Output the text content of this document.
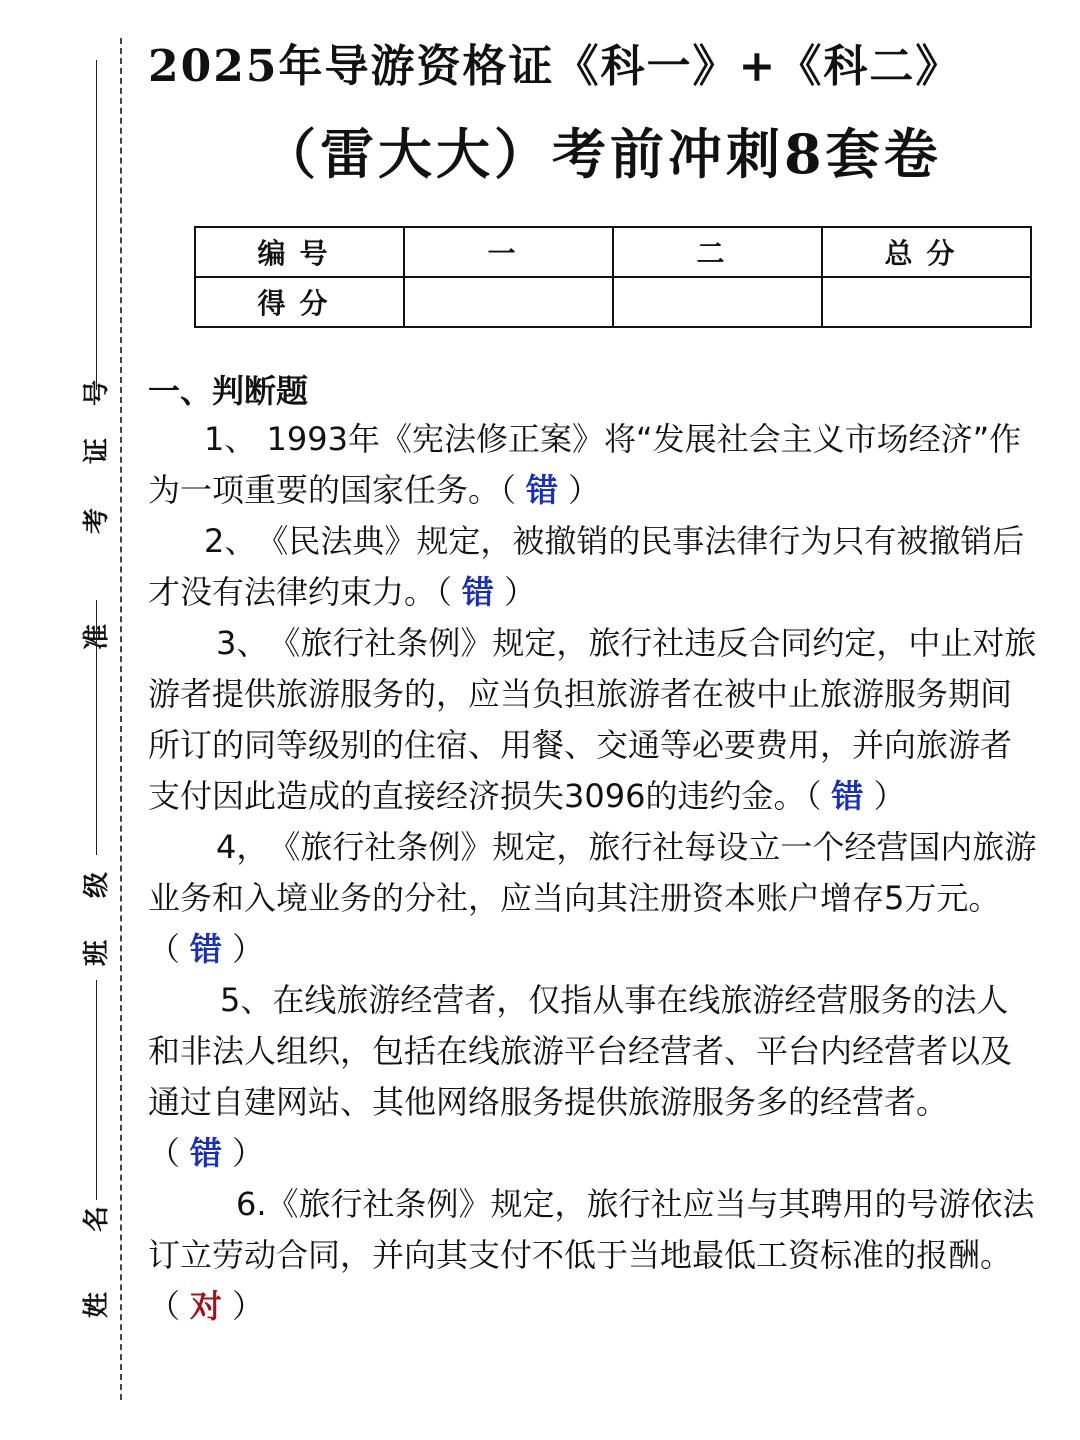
准
考
证
号
班
级
姓
名
2025年导游资格证《科一》+《科二》
（雷大大）考前冲刺8套卷
编号	一	二	总分
得分			
一、判断题

1、 1993年《宪法修正案》将“发展社会主义市场经济”作为一项重要的国家任务。（ 错 ）

2、《民法典》规定，被撤销的民事法律行为只有被撤销后才没有法律约束力。（ 错 ）

3、《旅行社条例》规定，旅行社违反合同约定，中止对旅游者提供旅游服务的，应当负担旅游者在被中止旅游服务期间所订的同等级别的住宿、用餐、交通等必要费用，并向旅游者支付因此造成的直接经济损失3096的违约金。（ 错 ）

4，《旅行社条例》规定，旅行社每设立一个经营国内旅游业务和入境业务的分社，应当向其注册资本账户增存5万元。（ 错 ）

5、在线旅游经营者，仅指从事在线旅游经营服务的法人和非法人组织，包括在线旅游平台经营者、平台内经营者以及通过自建网站、其他网络服务提供旅游服务多的经营者。（ 错 ）

6.《旅行社条例》规定，旅行社应当与其聘用的号游依法订立劳动合同，并向其支付不低于当地最低工资标准的报酬。（ 对 ）
